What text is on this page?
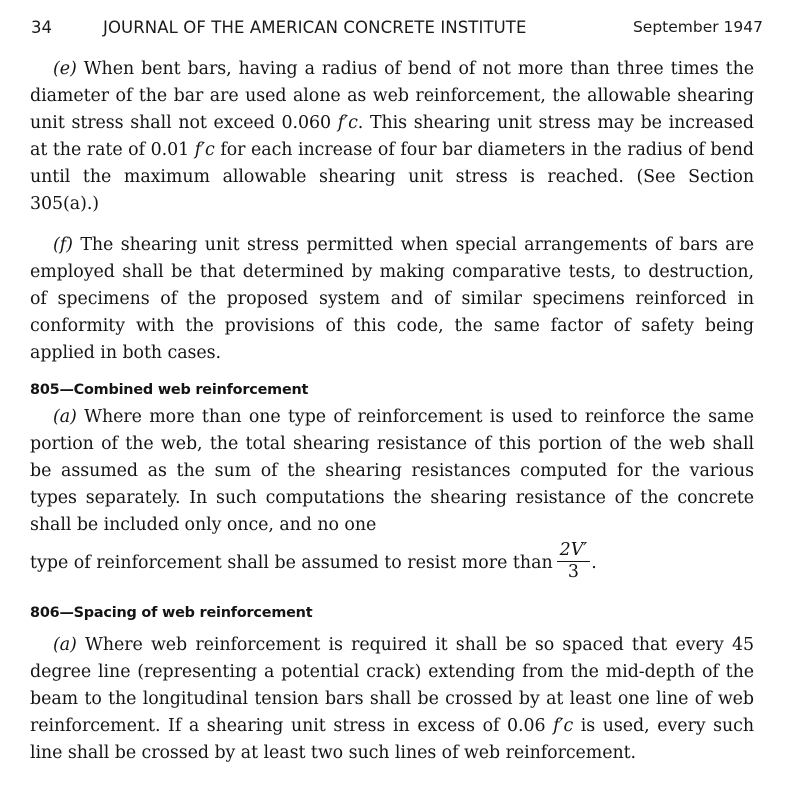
34	JOURNAL OF THE AMERICAN CONCRETE INSTITUTE	September 1947

(e) When bent bars, having a radius of bend of not more than three times the diameter of the bar are used alone as web reinforcement, the allowable shearing unit stress shall not exceed 0.060 f′c. This shearing unit stress may be increased at the rate of 0.01 f′c for each increase of four bar diameters in the radius of bend until the maximum allowable shearing unit stress is reached. (See Section 305(a).)

(f) The shearing unit stress permitted when special arrangements of bars are employed shall be that determined by making comparative tests, to destruction, of specimens of the proposed system and of similar specimens reinforced in conformity with the provisions of this code, the same factor of safety being applied in both cases.

805—Combined web reinforcement

(a) Where more than one type of reinforcement is used to reinforce the same portion of the web, the total shearing resistance of this portion of the web shall be assumed as the sum of the shearing resistances computed for the various types separately. In such computations the shearing resistance of the concrete shall be included only once, and no one

type of reinforcement shall be assumed to resist more than $\frac{2V'}{3}$ .
806—Spacing of web reinforcement

(a) Where web reinforcement is required it shall be so spaced that every 45 degree line (representing a potential crack) extending from the mid-depth of the beam to the longitudinal tension bars shall be crossed by at least one line of web reinforcement. If a shearing unit stress in excess of 0.06 f′c is used, every such line shall be crossed by at least two such lines of web reinforcement.
